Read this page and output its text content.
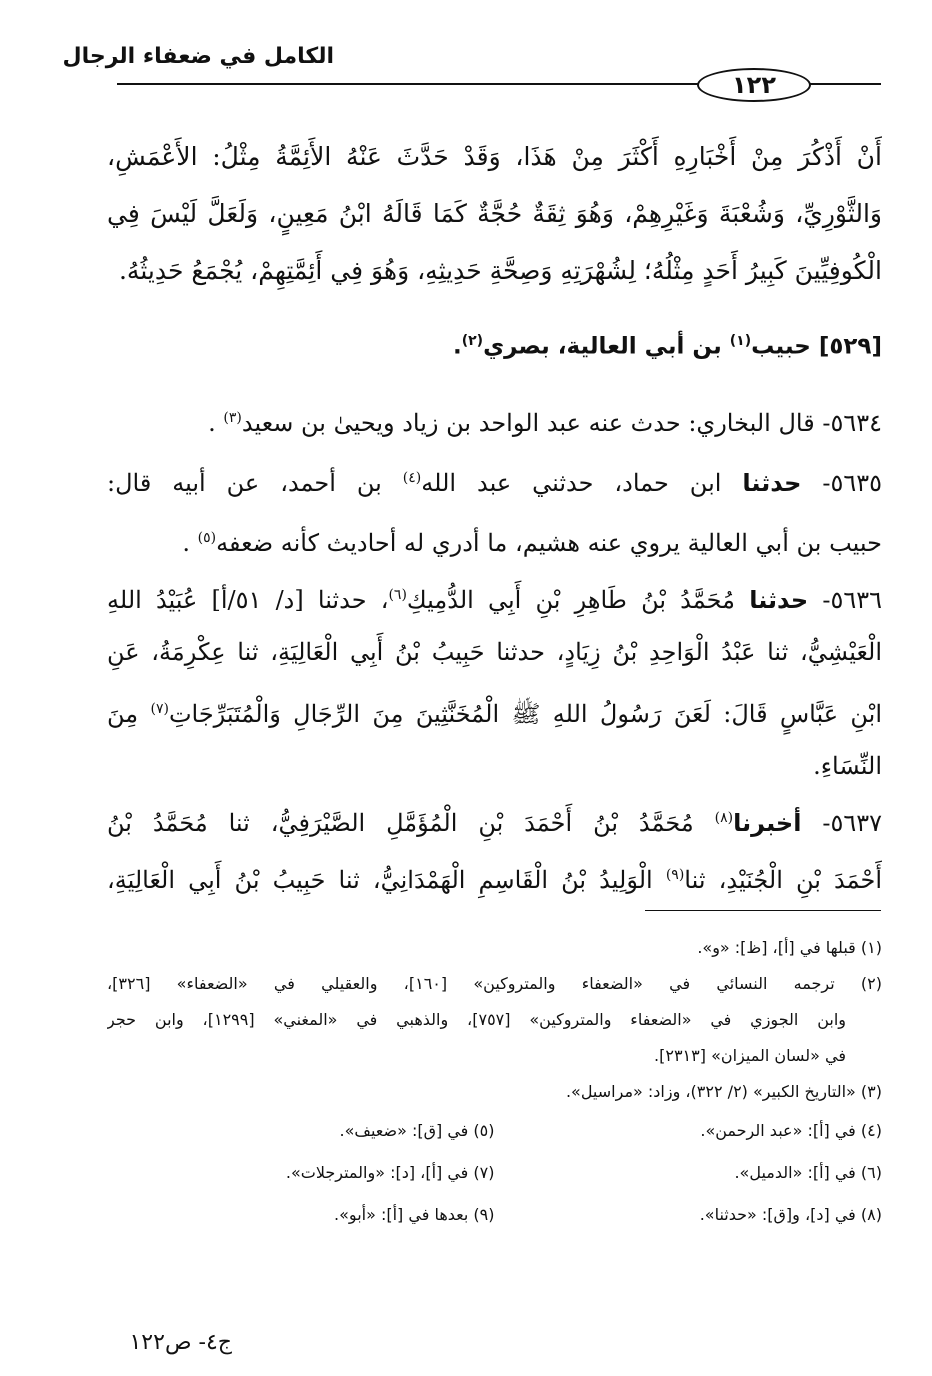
الكامل في ضعفاء الرجال
١٢٢
أَنْ أَذْكُرَ مِنْ أَخْبَارِهِ أَكْثَرَ مِنْ هَذَا، وَقَدْ حَدَّثَ عَنْهُ الأَئِمَّةُ مِثْلُ: الأَعْمَشِ،
وَالثَّوْرِيِّ، وَشُعْبَةَ وَغَيْرِهِمْ، وَهُوَ ثِقَةٌ حُجَّةٌ كَمَا قَالَهُ ابْنُ مَعِينٍ، وَلَعَلَّ لَيْسَ فِي
الْكُوفِيِّينَ كَبِيرُ أَحَدٍ مِثْلُهُ؛ لِشُهْرَتِهِ وَصِحَّةِ حَدِيثِهِ، وَهُوَ فِي أَئِمَّتِهِمْ، يُجْمَعُ حَدِيثُهُ.
[٥٢٩] حبيب$^{(١)}$ بن أبي العالية، بصري$^{(٢)}$.
٥٦٣٤- قال البخاري: حدث عنه عبد الواحد بن زياد ويحيىٰ بن سعيد$^{(٣)}$ .
٥٦٣٥- حدثنا ابن حماد، حدثني عبد الله$^{(٤)}$ بن أحمد، عن أبيه قال:
حبيب بن أبي العالية يروي عنه هشيم، ما أدري له أحاديث كأنه ضعفه$^{(٥)}$ .
٥٦٣٦- حدثنا مُحَمَّدُ بْنُ طَاهِرِ بْنِ أَبِي الدُّمِيكِ$^{(٦)}$، حدثنا [د/ ٥١/أ] عُبَيْدُ اللهِ
الْعَيْشِيُّ، ثنا عَبْدُ الْوَاحِدِ بْنُ زِيَادٍ، حدثنا حَبِيبُ بْنُ أَبِي الْعَالِيَةِ، ثنا عِكْرِمَةُ، عَنِ
ابْنِ عَبَّاسٍ قَالَ: لَعَنَ رَسُولُ اللهِ ﷺ الْمُخَنَّثِينَ مِنَ الرِّجَالِ وَالْمُتَبَرِّجَاتِ$^{(٧)}$ مِنَ
النِّسَاءِ.
٥٦٣٧- أخبرنا$^{(٨)}$ مُحَمَّدُ بْنُ أَحْمَدَ بْنِ الْمُؤَمَّلِ الصَّيْرَفِيُّ، ثنا مُحَمَّدُ بْنُ
أَحْمَدَ بْنِ الْجُنَيْدِ، ثنا$^{(٩)}$ الْوَلِيدُ بْنُ الْقَاسِمِ الْهَمْدَانِيُّ، ثنا حَبِيبُ بْنُ أَبِي الْعَالِيَةِ،
(١) قبلها في [أ]، [ظ]: «و».
(٢) ترجمه النسائي في «الضعفاء والمتروكين» [١٦٠]، والعقيلي في «الضعفاء» [٣٢٦]،
وابن الجوزي في «الضعفاء والمتروكين» [٧٥٧]، والذهبي في «المغني» [١٢٩٩]، وابن حجر
في «لسان الميزان» [٢٣١٣].
(٣) «التاريخ الكبير» (٢/ ٣٢٢)، وزاد: «مراسيل».
(٤) في [أ]: «عبد الرحمن».
(٥) في [ق]: «ضعيف».
(٦) في [أ]: «الدميل».
(٧) في [أ]، [د]: «والمترجلات».
(٨) في [د]، و[ق]: «حدثنا».
(٩) بعدها في [أ]: «أبو».
ج٤- ص١٢٢
